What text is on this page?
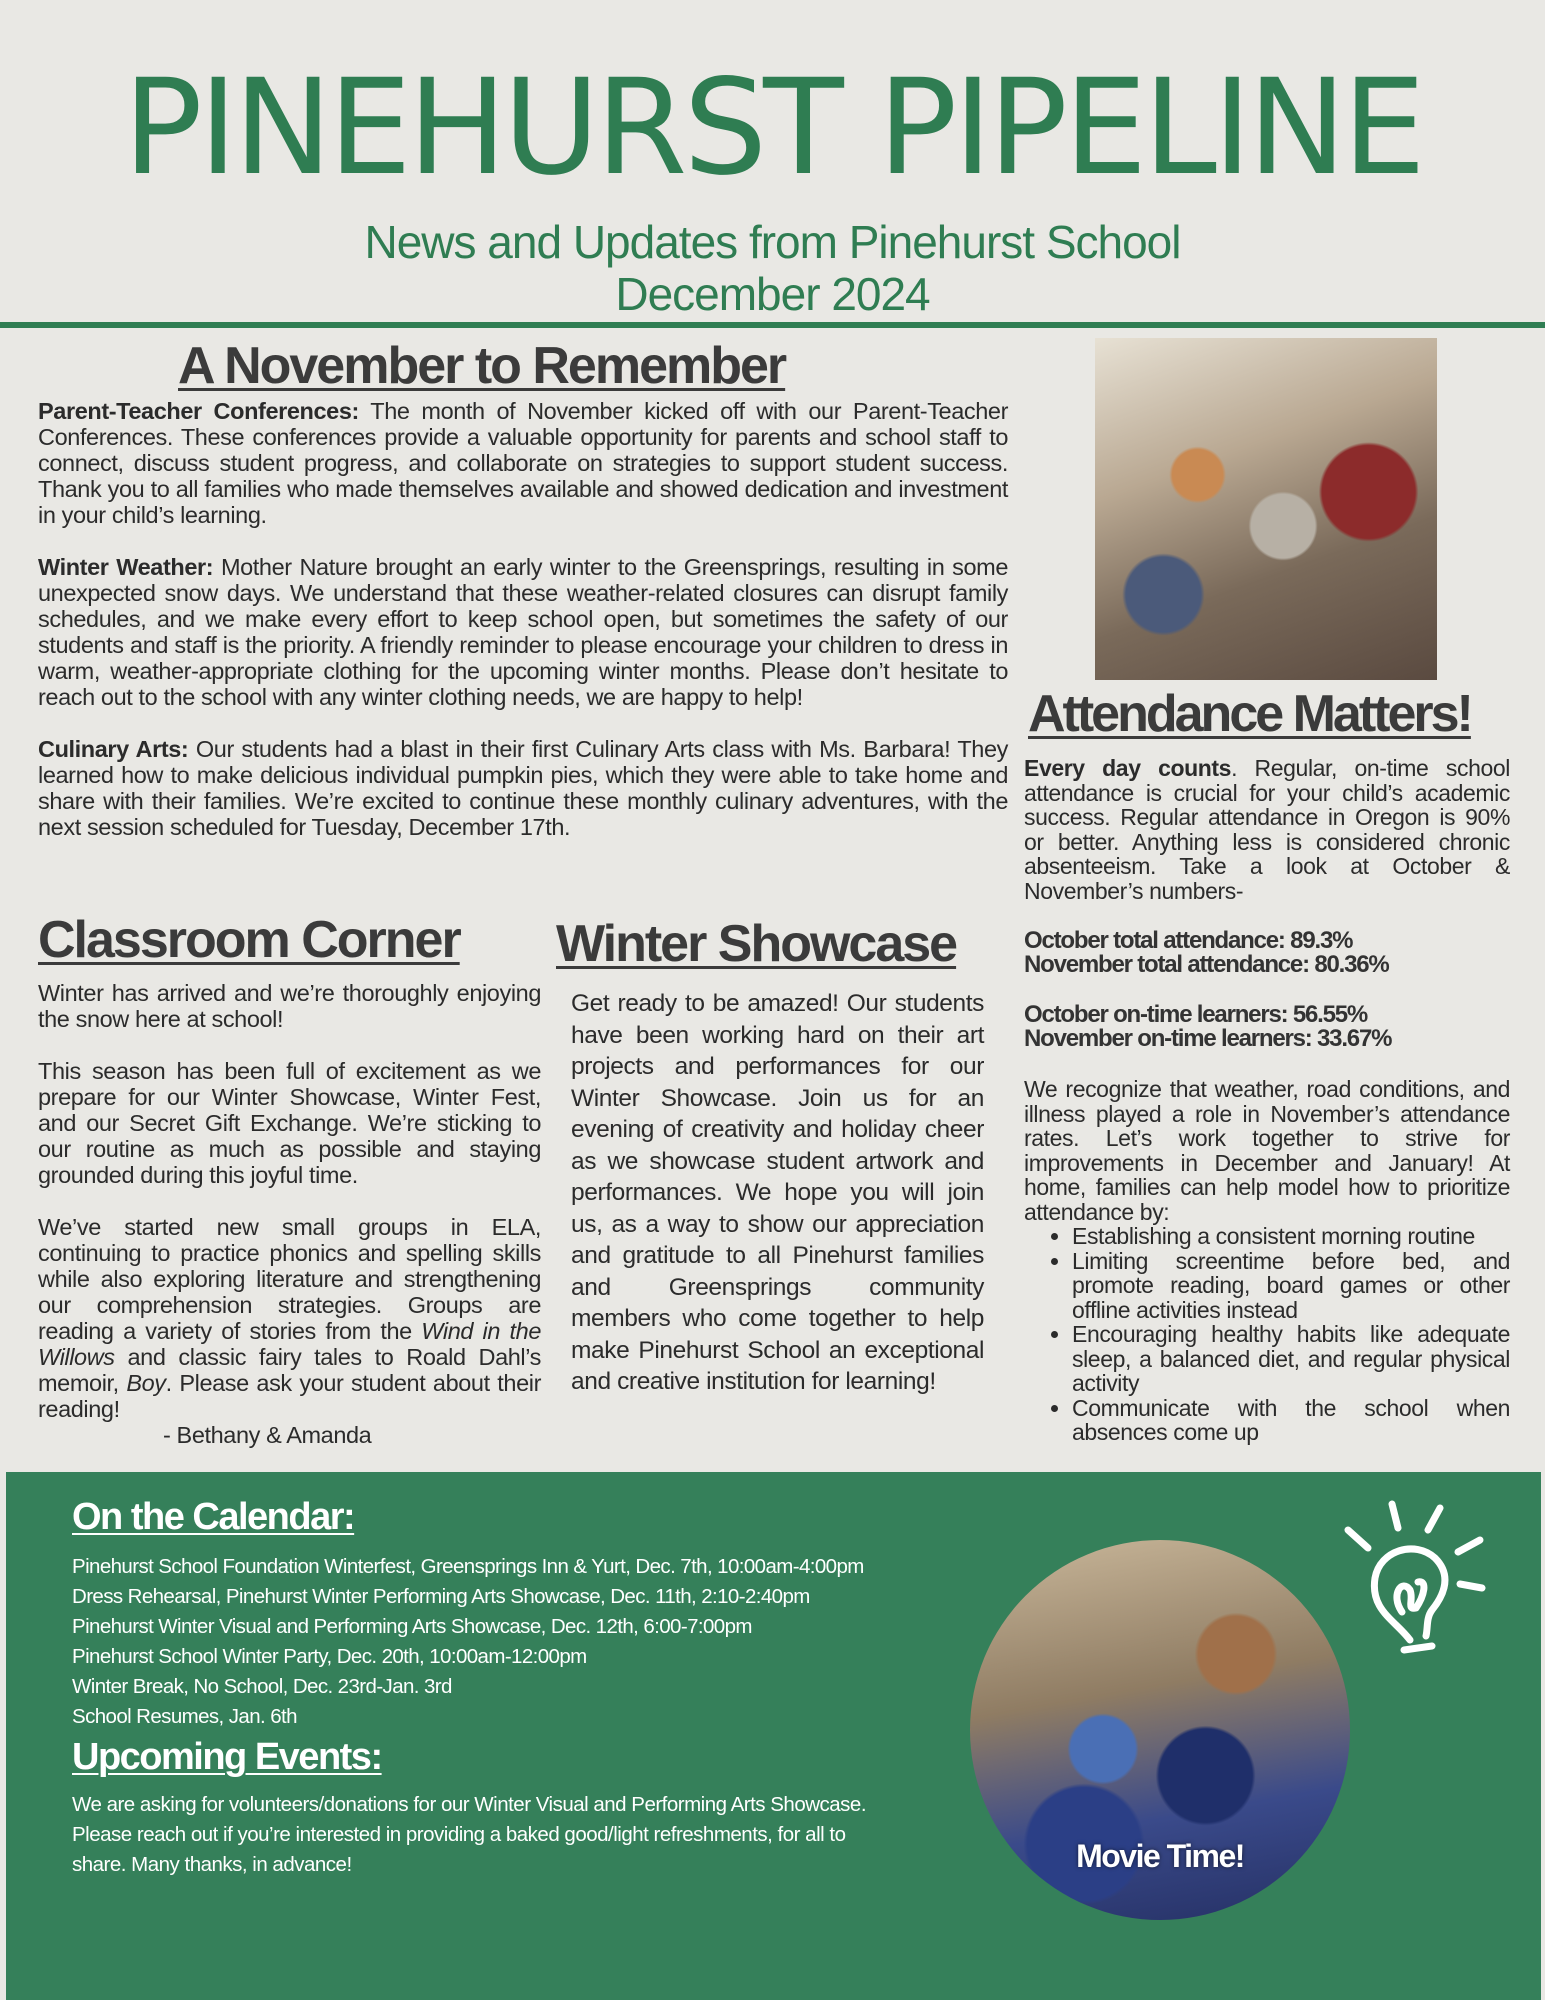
PINEHURST PIPELINE
News and Updates from Pinehurst School
December 2024
A November to Remember

Parent-Teacher Conferences: The month of November kicked off with our Parent-Teacher Conferences. These conferences provide a valuable opportunity for parents and school staff to connect, discuss student progress, and collaborate on strategies to support student success. Thank you to all families who made themselves available and showed dedication and investment in your child’s learning.

Winter Weather: Mother Nature brought an early winter to the Greensprings, resulting in some unexpected snow days. We understand that these weather-related closures can disrupt family schedules, and we make every effort to keep school open, but sometimes the safety of our students and staff is the priority. A friendly reminder to please encourage your children to dress in warm, weather-appropriate clothing for the upcoming winter months. Please don’t hesitate to reach out to the school with any winter clothing needs, we are happy to help!

Culinary Arts: Our students had a blast in their first Culinary Arts class with Ms. Barbara! They learned how to make delicious individual pumpkin pies, which they were able to take home and share with their families. We’re excited to continue these monthly culinary adventures, with the next session scheduled for Tuesday, December 17th.

Classroom Corner

Winter has arrived and we’re thoroughly enjoying the snow here at school!

This season has been full of excitement as we prepare for our Winter Showcase, Winter Fest, and our Secret Gift Exchange. We’re sticking to our routine as much as possible and staying grounded during this joyful time.

We’ve started new small groups in ELA, continuing to practice phonics and spelling skills while also exploring literature and strengthening our comprehension strategies. Groups are reading a variety of stories from the Wind in the Willows and classic fairy tales to Roald Dahl’s memoir, Boy. Please ask your student about their reading!

- Bethany & Amanda
Winter Showcase

Get ready to be amazed! Our students have been working hard on their art projects and performances for our Winter Showcase. Join us for an evening of creativity and holiday cheer as we showcase student artwork and performances. We hope you will join us, as a way to show our appreciation and gratitude to all Pinehurst families and Greensprings community members who come together to help make Pinehurst School an exceptional and creative institution for learning!

Attendance Matters!

Every day counts. Regular, on-time school attendance is crucial for your child’s academic success. Regular attendance in Oregon is 90% or better. Anything less is considered chronic absenteeism. Take a look at October & November’s numbers-

October total attendance: 89.3%
November total attendance: 80.36%
October on-time learners: 56.55%
November on-time learners: 33.67%

We recognize that weather, road conditions, and illness played a role in November’s attendance rates. Let’s work together to strive for improvements in December and January! At home, families can help model how to prioritize attendance by:

• Establishing a consistent morning routine
• Limiting screentime before bed, and promote reading, board games or other offline activities instead
• Encouraging healthy habits like adequate sleep, a balanced diet, and regular physical activity
• Communicate with the school when absences come up
On the Calendar:

Pinehurst School Foundation Winterfest, Greensprings Inn & Yurt, Dec. 7th, 10:00am-4:00pm

Dress Rehearsal, Pinehurst Winter Performing Arts Showcase, Dec. 11th, 2:10-2:40pm

Pinehurst Winter Visual and Performing Arts Showcase, Dec. 12th, 6:00-7:00pm

Pinehurst School Winter Party, Dec. 20th, 10:00am-12:00pm

Winter Break, No School, Dec. 23rd-Jan. 3rd

School Resumes, Jan. 6th

Upcoming Events:

We are asking for volunteers/donations for our Winter Visual and Performing Arts Showcase. Please reach out if you’re interested in providing a baked good/light refreshments, for all to share. Many thanks, in advance!	Movie Time!
